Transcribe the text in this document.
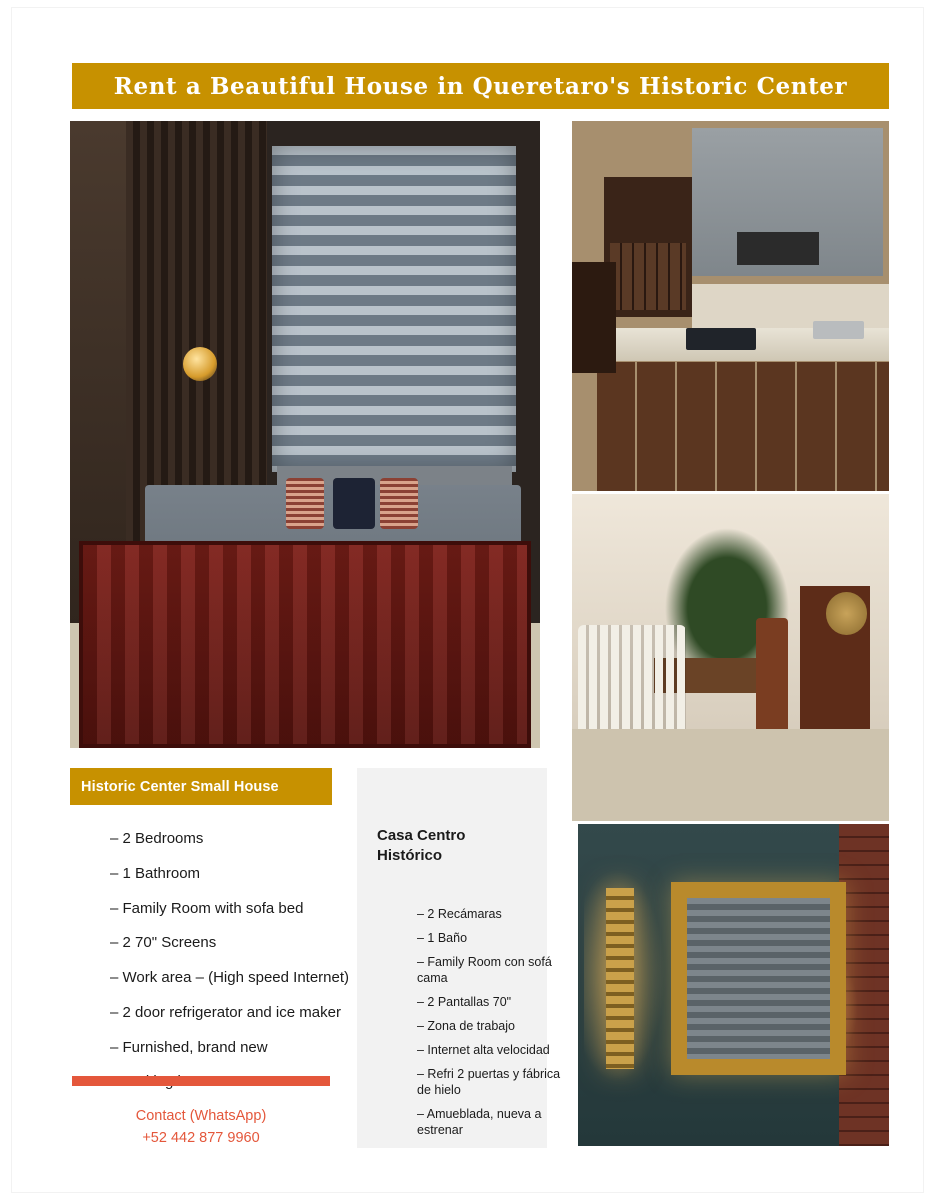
Rent a Beautiful House in Queretaro's Historic Center
Historic Center Small House
– 2 Bedrooms
– 1 Bathroom
– Family Room with sofa bed
– 2 70" Screens
– Work area – (High speed Internet)
– 2 door refrigerator and ice maker
– Furnished, brand new
Contact (WhatsApp)
+52 442 877 9960
Casa Centro Histórico
– 2 Recámaras
– 1 Baño
– Family Room con sofá cama
– 2 Pantallas 70"
– Zona de trabajo
– Internet alta velocidad
– Refri 2 puertas y fábrica de hielo
– Amueblada, nueva a estrenar
